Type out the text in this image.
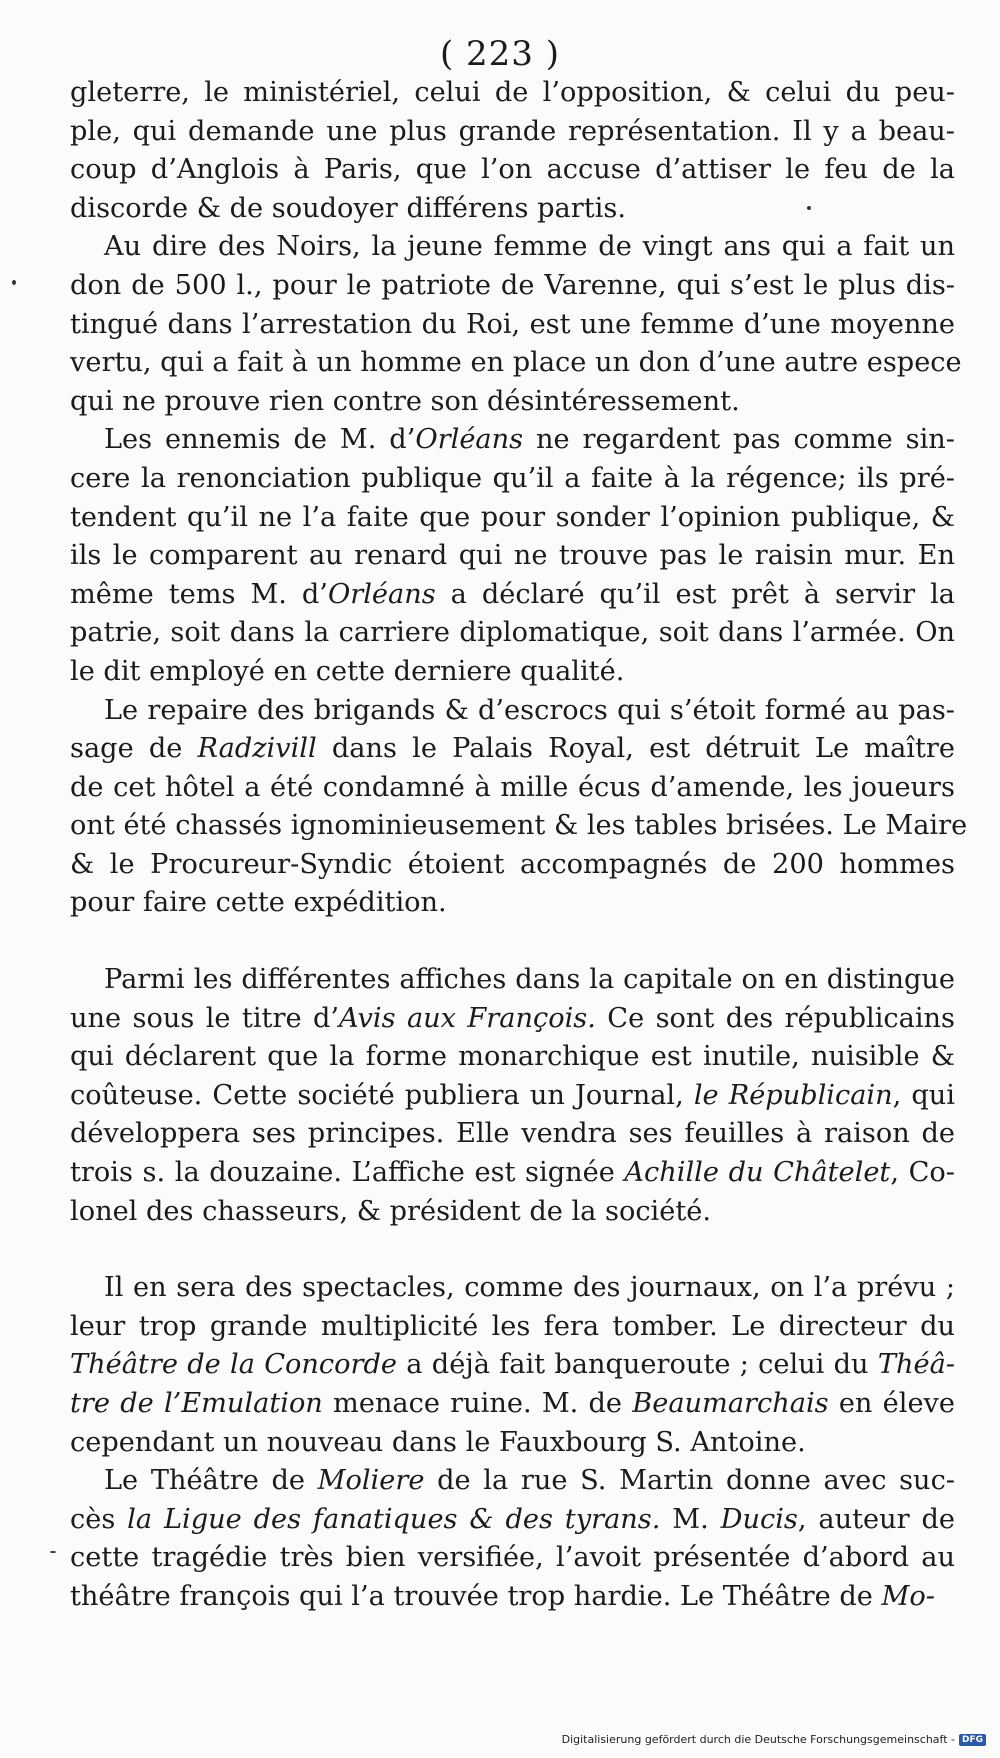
( 223 )
gleterre, le ministériel, celui de l’opposition, & celui du peu-
ple, qui demande une plus grande représentation. Il y a beau-
coup d’Anglois à Paris, que l’on accuse d’attiser le feu de la
discorde & de soudoyer différens partis.
Au dire des Noirs, la jeune femme de vingt ans qui a fait un
don de 500 l., pour le patriote de Varenne, qui s’est le plus dis-
tingué dans l’arrestation du Roi, est une femme d’une moyenne
vertu, qui a fait à un homme en place un don d’une autre espece
qui ne prouve rien contre son désintéressement.
Les ennemis de M. d’Orléans ne regardent pas comme sin-
cere la renonciation publique qu’il a faite à la régence; ils pré-
tendent qu’il ne l’a faite que pour sonder l’opinion publique, &
ils le comparent au renard qui ne trouve pas le raisin mur. En
même tems M. d’Orléans a déclaré qu’il est prêt à servir la
patrie, soit dans la carriere diplomatique, soit dans l’armée. On
le dit employé en cette derniere qualité.
Le repaire des brigands & d’escrocs qui s’étoit formé au pas-
sage de Radzivill dans le Palais Royal, est détruit Le maître
de cet hôtel a été condamné à mille écus d’amende, les joueurs
ont été chassés ignominieusement & les tables brisées. Le Maire
& le Procureur-Syndic étoient accompagnés de 200 hommes
pour faire cette expédition.
Parmi les différentes affiches dans la capitale on en distingue
une sous le titre d’Avis aux François. Ce sont des républicains
qui déclarent que la forme monarchique est inutile, nuisible &
coûteuse. Cette société publiera un Journal, le Républicain, qui
développera ses principes. Elle vendra ses feuilles à raison de
trois s. la douzaine. L’affiche est signée Achille du Châtelet, Co-
lonel des chasseurs, & président de la société.
Il en sera des spectacles, comme des journaux, on l’a prévu ;
leur trop grande multiplicité les fera tomber. Le directeur du
Théâtre de la Concorde a déjà fait banqueroute ; celui du Théâ-
tre de l’Emulation menace ruine. M. de Beaumarchais en éleve
cependant un nouveau dans le Fauxbourg S. Antoine.
Le Théâtre de Moliere de la rue S. Martin donne avec suc-
cès la Ligue des fanatiques & des tyrans. M. Ducis, auteur de
cette tragédie très bien versifiée, l’avoit présentée d’abord au
théâtre françois qui l’a trouvée trop hardie. Le Théâtre de Mo-
Digitalisierung gefördert durch die Deutsche Forschungsgemeinschaft - DFG
